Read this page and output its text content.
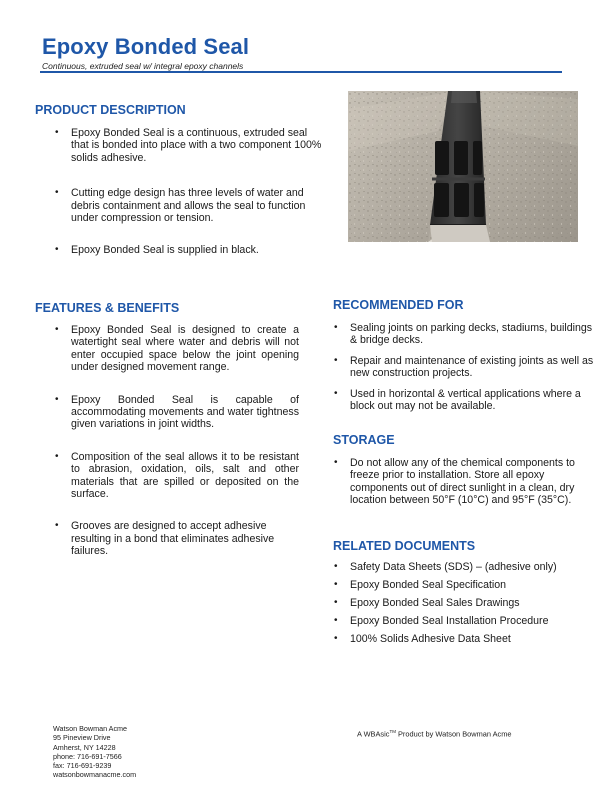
Epoxy Bonded Seal
Continuous, extruded seal w/ integral epoxy channels
PRODUCT DESCRIPTION
• Epoxy Bonded Seal is a continuous, extruded seal that is bonded into place with a two component 100% solids adhesive.
• Cutting edge design has three levels of water and debris containment and allows the seal to function under compression or tension.
• Epoxy Bonded Seal is supplied in black.
FEATURES & BENEFITS
• Epoxy Bonded Seal is designed to create a watertight seal where water and debris will not enter occupied space below the joint opening under designed movement range.
• Epoxy Bonded Seal is capable of accommodating movements and water tightness given variations in joint widths.
• Composition of the seal allows it to be resistant to abrasion, oxidation, oils, salt and other materials that are spilled or deposited on the surface.
• Grooves are designed to accept adhesive resulting in a bond that eliminates adhesive failures.
RECOMMENDED FOR
• Sealing joints on parking decks, stadiums, buildings & bridge decks.
• Repair and maintenance of existing joints as well as new construction projects.
• Used in horizontal & vertical applications where a block out may not be available.
STORAGE
• Do not allow any of the chemical components to freeze prior to installation. Store all epoxy components out of direct sunlight in a clean, dry location between 50°F (10°C) and 95°F (35°C).
RELATED DOCUMENTS
• Safety Data Sheets (SDS) – (adhesive only)
• Epoxy Bonded Seal Specification
• Epoxy Bonded Seal Sales Drawings
• Epoxy Bonded Seal Installation Procedure
• 100% Solids Adhesive Data Sheet
Watson Bowman Acme
95 Pineview Drive
Amherst, NY 14228
phone: 716-691-7566
fax: 716-691-9239
watsonbowmanacme.com
A WBAsic™ Product by Watson Bowman Acme
